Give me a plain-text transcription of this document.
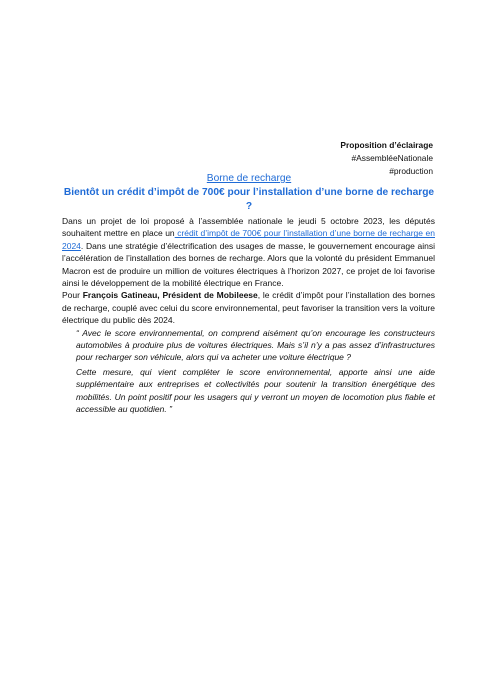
Proposition d’éclairage
#AssembléeNationale
#production
Borne de recharge
Bientôt un crédit d’impôt de 700€ pour l’installation d’une borne de recharge ?

Dans un projet de loi proposé à l’assemblée nationale le jeudi 5 octobre 2023, les députés souhaitent mettre en place un crédit d’impôt de 700€ pour l’installation d’une borne de recharge en 2024. Dans une stratégie d’électrification des usages de masse, le gouvernement encourage ainsi l’accélération de l’installation des bornes de recharge. Alors que la volonté du président Emmanuel Macron est de produire un million de voitures électriques à l’horizon 2027, ce projet de loi favorise ainsi le développement de la mobilité électrique en France.

Pour François Gatineau, Président de Mobileese, le crédit d’impôt pour l’installation des bornes de recharge, couplé avec celui du score environnemental, peut favoriser la transition vers la voiture électrique du public dès 2024.

“ Avec le score environnemental, on comprend aisément qu’on encourage les constructeurs automobiles à produire plus de voitures électriques. Mais s’il n’y a pas assez d’infrastructures pour recharger son véhicule, alors qui va acheter une voiture électrique ?

Cette mesure, qui vient compléter le score environnemental, apporte ainsi une aide supplémentaire aux entreprises et collectivités pour soutenir la transition énergétique des mobilités. Un point positif pour les usagers qui y verront un moyen de locomotion plus fiable et accessible au quotidien. ”
